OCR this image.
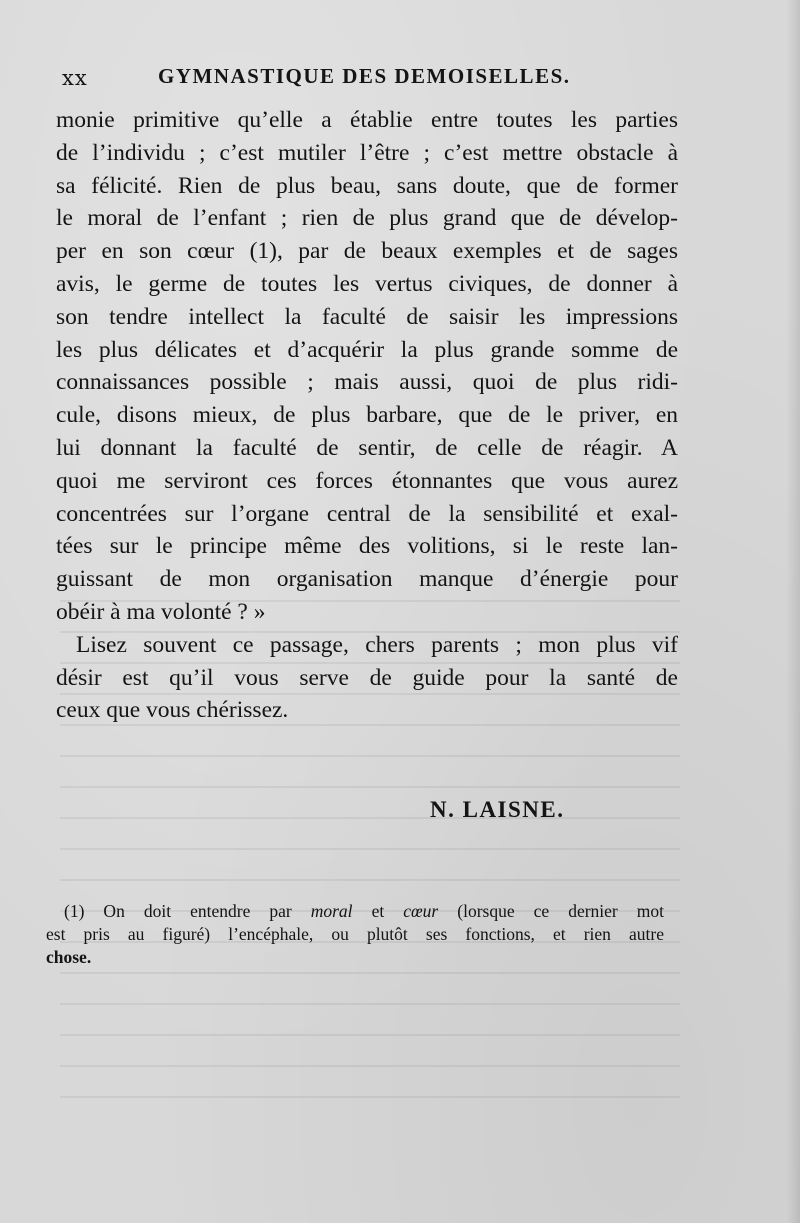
xx	GYMNASTIQUE DES DEMOISELLES.
monie primitive qu’elle a établie entre toutes les parties
de l’individu ; c’est mutiler l’être ; c’est mettre obstacle à
sa félicité. Rien de plus beau, sans doute, que de former
le moral de l’enfant ; rien de plus grand que de dévelop-
per en son cœur (1), par de beaux exemples et de sages
avis, le germe de toutes les vertus civiques, de donner à
son tendre intellect la faculté de saisir les impressions
les plus délicates et d’acquérir la plus grande somme de
connaissances possible ; mais aussi, quoi de plus ridi-
cule, disons mieux, de plus barbare, que de le priver, en
lui donnant la faculté de sentir, de celle de réagir. A
quoi me serviront ces forces étonnantes que vous aurez
concentrées sur l’organe central de la sensibilité et exal-
tées sur le principe même des volitions, si le reste lan-
guissant de mon organisation manque d’énergie pour
obéir à ma volonté ? »
Lisez souvent ce passage, chers parents ; mon plus vif
désir est qu’il vous serve de guide pour la santé de
ceux que vous chérissez.
N. LAISNE.
(1) On doit entendre par moral et cœur (lorsque ce dernier mot
est pris au figuré) l’encéphale, ou plutôt ses fonctions, et rien autre
chose.
